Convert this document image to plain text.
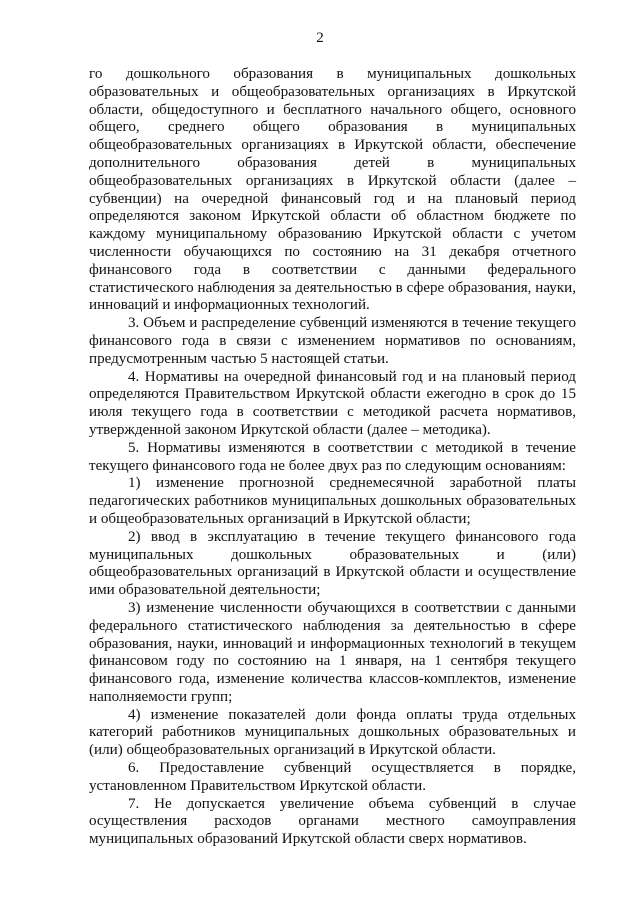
2

го дошкольного образования в муниципальных дошкольных образовательных и общеобразовательных организациях в Иркутской области, общедоступного и бесплатного начального общего, основного общего, среднего общего образования в муниципальных общеобразовательных организациях в Иркутской области, обеспечение дополнительного образования детей в муниципальных общеобразовательных организациях в Иркутской области (далее – субвенции) на очередной финансовый год и на плановый период определяются законом Иркутской области об областном бюджете по каждому муниципальному образованию Иркутской области с учетом численности обучающихся по состоянию на 31 декабря отчетного финансового года в соответствии с данными федерального статистического наблюдения за деятельностью в сфере образования, науки, инноваций и информационных технологий.

3. Объем и распределение субвенций изменяются в течение текущего финансового года в связи с изменением нормативов по основаниям, предусмотренным частью 5 настоящей статьи.

4. Нормативы на очередной финансовый год и на плановый период определяются Правительством Иркутской области ежегодно в срок до 15 июля текущего года в соответствии с методикой расчета нормативов, утвержденной законом Иркутской области (далее – методика).

5. Нормативы изменяются в соответствии с методикой в течение текущего финансового года не более двух раз по следующим основаниям:

1) изменение прогнозной среднемесячной заработной платы педагогических работников муниципальных дошкольных образовательных и общеобразовательных организаций в Иркутской области;

2) ввод в эксплуатацию в течение текущего финансового года муниципальных дошкольных образовательных и (или) общеобразовательных организаций в Иркутской области и осуществление ими образовательной деятельности;

3) изменение численности обучающихся в соответствии с данными федерального статистического наблюдения за деятельностью в сфере образования, науки, инноваций и информационных технологий в текущем финансовом году по состоянию на 1 января, на 1 сентября текущего финансового года, изменение количества классов-комплектов, изменение наполняемости групп;

4) изменение показателей доли фонда оплаты труда отдельных категорий работников муниципальных дошкольных образовательных и (или) общеобразовательных организаций в Иркутской области.

6. Предоставление субвенций осуществляется в порядке, установленном Правительством Иркутской области.

7. Не допускается увеличение объема субвенций в случае осуществления расходов органами местного самоуправления муниципальных образований Иркутской области сверх нормативов.
